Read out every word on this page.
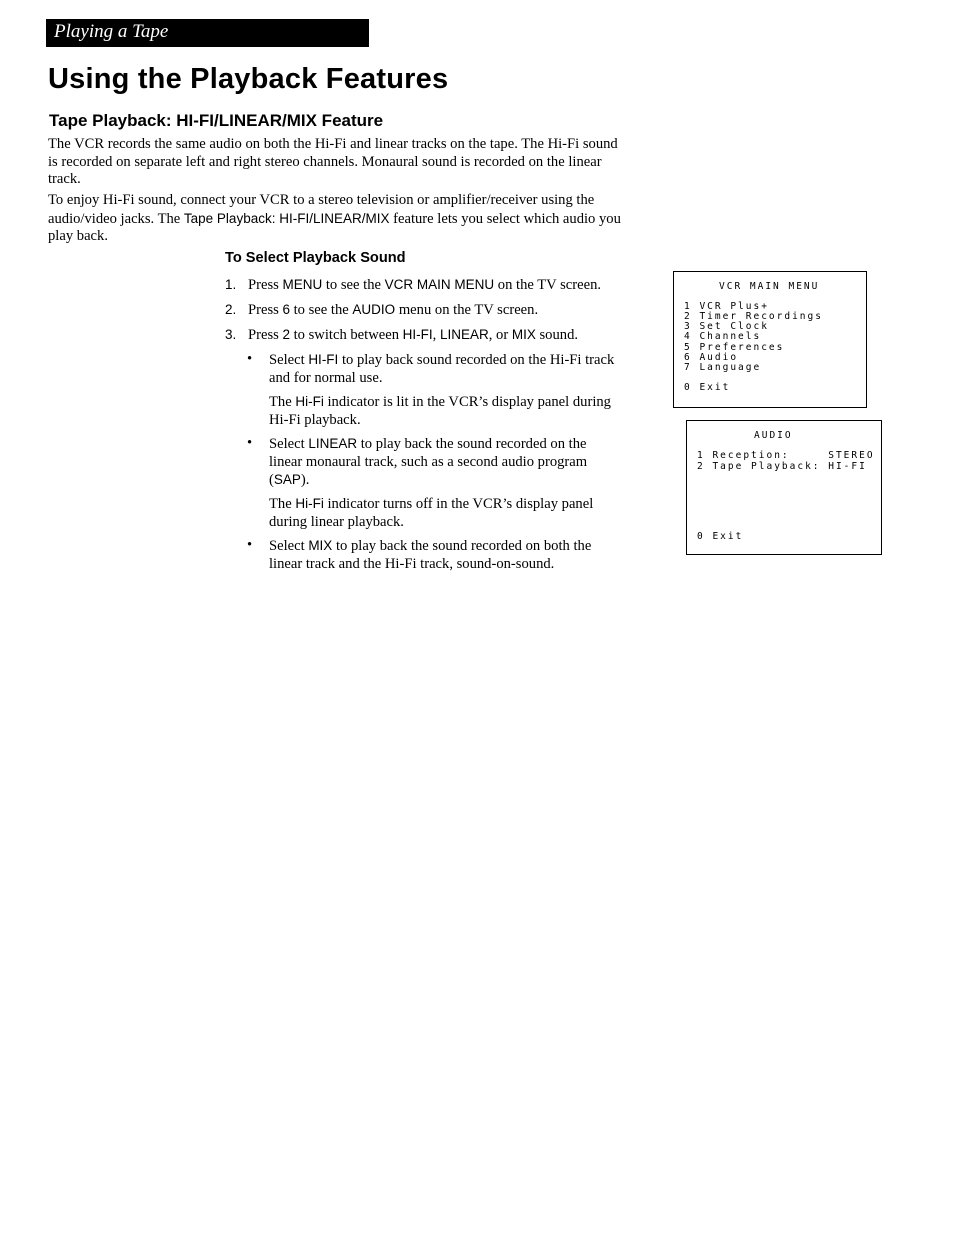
Playing a Tape
Using the Playback Features
Tape Playback: HI-FI/LINEAR/MIX Feature

The VCR records the same audio on both the Hi-Fi and linear tracks on the tape. The Hi-Fi sound is recorded on separate left and right stereo channels. Monaural sound is recorded on the linear track.

To enjoy Hi-Fi sound, connect your VCR to a stereo television or amplifier/receiver using the audio/video jacks. The Tape Playback: HI-FI/LINEAR/MIX feature lets you select which audio you play back.

To Select Playback Sound
1. Press MENU to see the VCR MAIN MENU on the TV screen.
2. Press 6 to see the AUDIO menu on the TV screen.
3. Press 2 to switch between HI-FI, LINEAR, or MIX sound.
• Select HI-FI to play back sound recorded on the Hi-Fi track and for normal use.
The Hi-Fi indicator is lit in the VCR’s display panel during Hi-Fi playback.
• Select LINEAR to play back the sound recorded on the linear monaural track, such as a second audio program (SAP).
The Hi-Fi indicator turns off in the VCR’s display panel during linear playback.
• Select MIX to play back the sound recorded on both the linear track and the Hi-Fi track, sound-on-sound.

VCR MAIN MENU

1 VCR Plus+

2 Timer Recordings

3 Set Clock

4 Channels

5 Preferences

6 Audio

7 Language

0 Exit

AUDIO

1 Reception:     STEREO

2 Tape Playback: HI-FI

0 Exit
